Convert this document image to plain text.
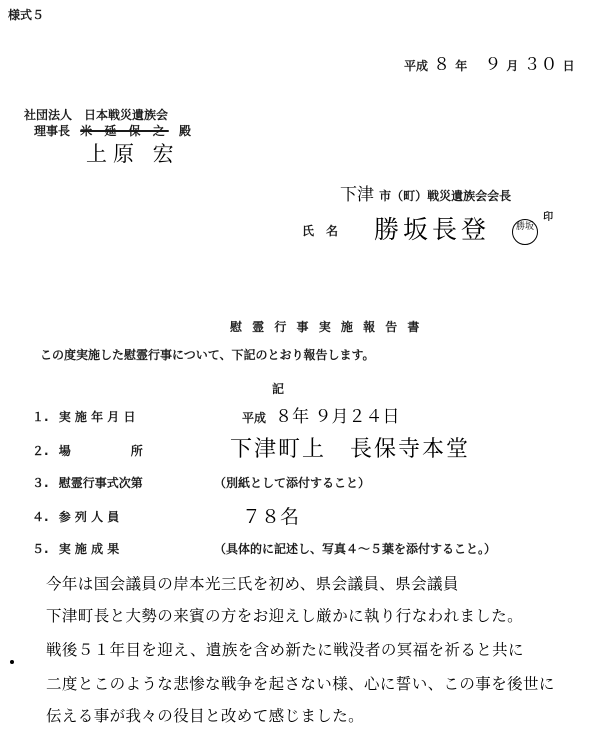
様式５
平成 ８ 年 ９ 月 ３０ 日
社団法人　日本戦災遺族会
理事長 米 延 保 之 殿
上原 宏
下津 市（町）戦災遺族会会長
氏　名 勝坂長登	勝坂 $^印$
慰 霊 行 事 実 施 報 告 書
この度実施した慰霊行事について、下記のとおり報告します。
記
１. 実 施 年 月 日	平成 ８年 ９月２４日
２. 場　　　　　所	下津町上　長保寺本堂
３. 慰霊行事式次第	（別紙として添付すること）
４. 参 列 人 員	７８名
５. 実 施 成 果	（具体的に記述し、写真４～５葉を添付すること。）
今年は国会議員の岸本光三氏を初め、県会議員、県会議員
下津町長と大勢の来賓の方をお迎えし厳かに執り行なわれました。
戦後５１年目を迎え、遺族を含め新たに戦没者の冥福を祈ると共に
二度とこのような悲惨な戦争を起さない様、心に誓い、この事を後世に
伝える事が我々の役目と改めて感じました。
